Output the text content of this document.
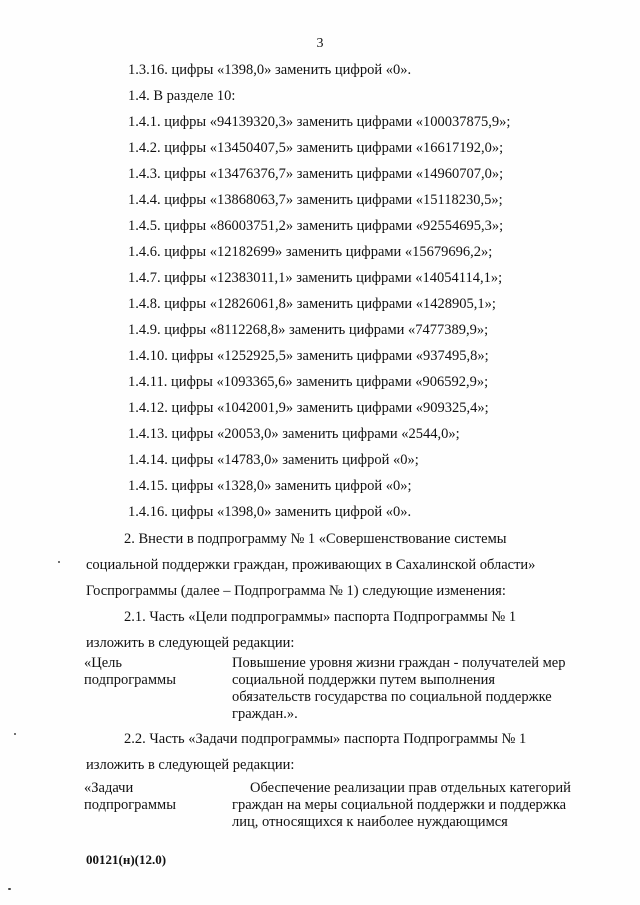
3
1.3.16. цифры «1398,0» заменить цифрой «0».
1.4. В разделе 10:
1.4.1. цифры «94139320,3» заменить цифрами «100037875,9»;
1.4.2. цифры «13450407,5» заменить цифрами «16617192,0»;
1.4.3. цифры «13476376,7» заменить цифрами «14960707,0»;
1.4.4. цифры «13868063,7» заменить цифрами «15118230,5»;
1.4.5. цифры «86003751,2» заменить цифрами «92554695,3»;
1.4.6. цифры «12182699» заменить цифрами «15679696,2»;
1.4.7. цифры «12383011,1» заменить цифрами «14054114,1»;
1.4.8. цифры «12826061,8» заменить цифрами «1428905,1»;
1.4.9. цифры «8112268,8» заменить цифрами «7477389,9»;
1.4.10. цифры «1252925,5» заменить цифрами «937495,8»;
1.4.11. цифры «1093365,6» заменить цифрами «906592,9»;
1.4.12. цифры «1042001,9» заменить цифрами «909325,4»;
1.4.13. цифры «20053,0» заменить цифрами «2544,0»;
1.4.14. цифры «14783,0» заменить цифрой «0»;
1.4.15. цифры «1328,0» заменить цифрой «0»;
1.4.16. цифры «1398,0» заменить цифрой «0».
2. Внести в подпрограмму № 1 «Совершенствование системы
социальной поддержки граждан, проживающих в Сахалинской области»
Госпрограммы (далее – Подпрограмма № 1) следующие изменения:
2.1. Часть «Цели подпрограммы» паспорта Подпрограммы № 1
изложить в следующей редакции:
«Цель
подпрограммы
Повышение уровня жизни граждан - получателей мер
социальной поддержки путем выполнения
обязательств государства по социальной поддержке
граждан.».
2.2. Часть «Задачи подпрограммы» паспорта Подпрограммы № 1
изложить в следующей редакции:
«Задачи
подпрограммы
Обеспечение реализации прав отдельных категорий
граждан на меры социальной поддержки и поддержка
лиц, относящихся к наиболее нуждающимся
00121(н)(12.0)
